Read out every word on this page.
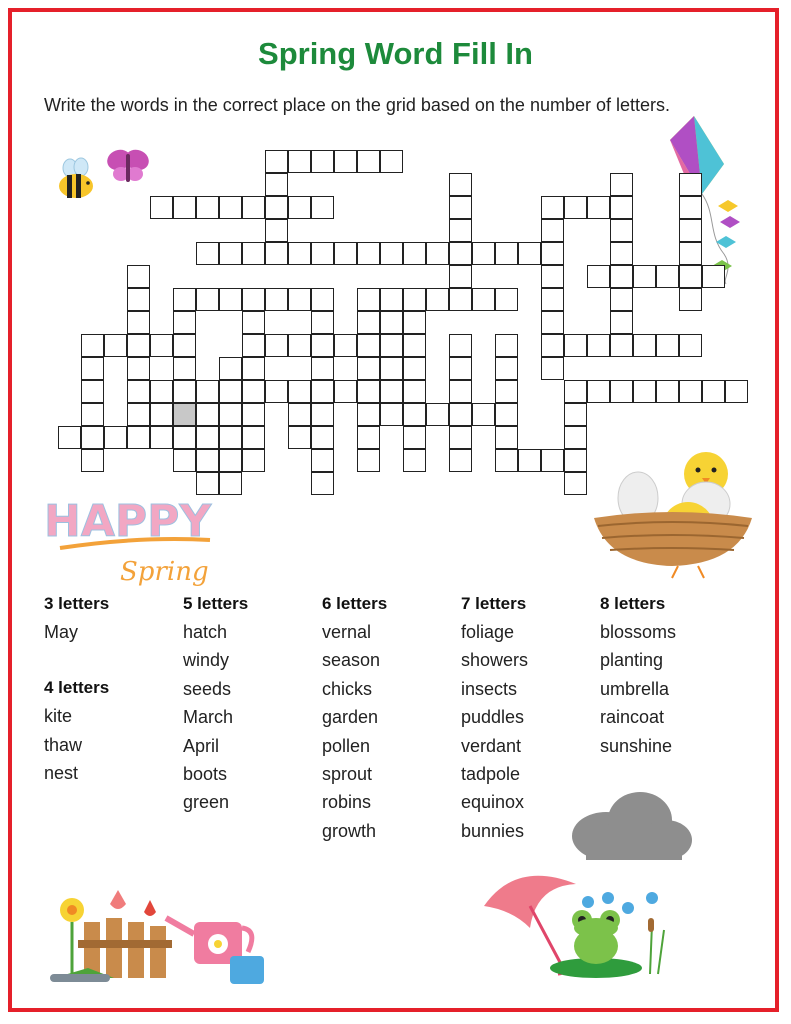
Spring Word Fill In
Write the words in the correct place on the grid based on the number of letters.
HAPPY
Spring
3 letters
May
4 letters
kite
thaw
nest
5 letters
hatch
windy
seeds
March
April
boots
green
6 letters
vernal
season
chicks
garden
pollen
sprout
robins
growth
7 letters
foliage
showers
insects
puddles
verdant
tadpole
equinox
bunnies
8 letters
blossoms
planting
umbrella
raincoat
sunshine
